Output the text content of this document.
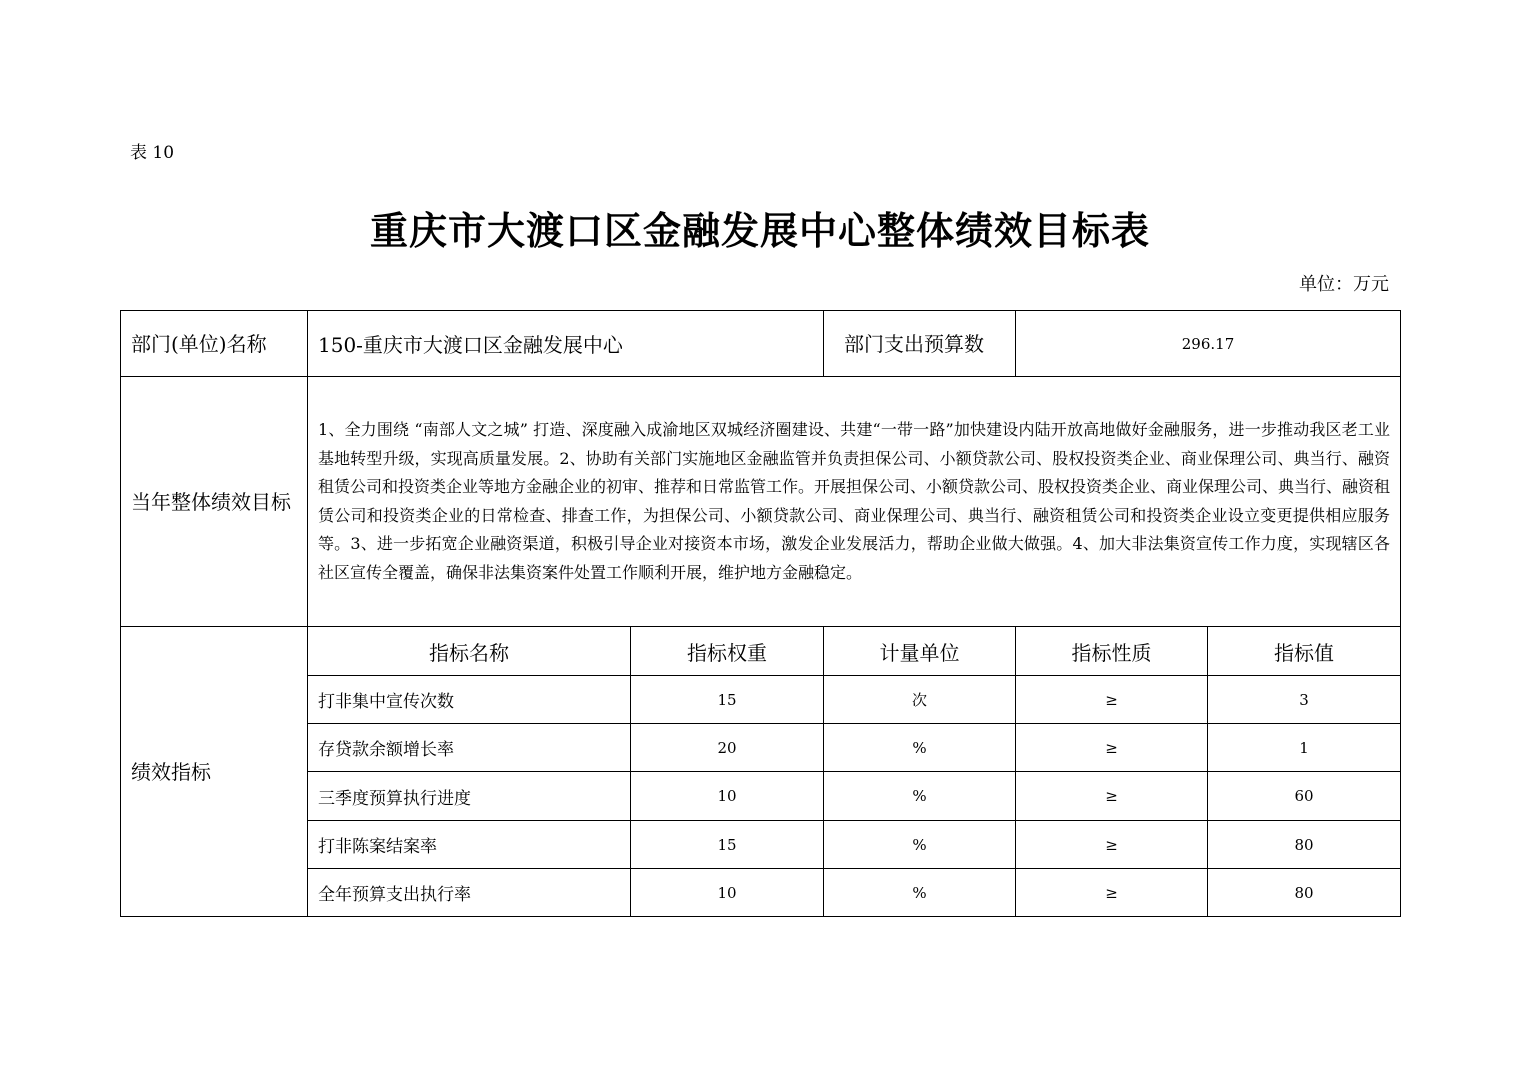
表 10
重庆市大渡口区金融发展中心整体绩效目标表
单位：万元
部门(单位)名称	150-重庆市大渡口区金融发展中心		部门支出预算数	296.17	
当年整体绩效目标	1、全力围绕 “南部人文之城” 打造、深度融入成渝地区双城经济圈建设、共建“一带一路”加快建设内陆开放高地做好金融服务，进一步推动我区老工业基地转型升级，实现高质量发展。2、协助有关部门实施地区金融监管并负责担保公司、小额贷款公司、股权投资类企业、商业保理公司、典当行、融资租赁公司和投资类企业等地方金融企业的初审、推荐和日常监管工作。开展担保公司、小额贷款公司、股权投资类企业、商业保理公司、典当行、融资租赁公司和投资类企业的日常检查、排查工作，为担保公司、小额贷款公司、商业保理公司、典当行、融资租赁公司和投资类企业设立变更提供相应服务等。3、进一步拓宽企业融资渠道，积极引导企业对接资本市场，激发企业发展活力，帮助企业做大做强。4、加大非法集资宣传工作力度，实现辖区各社区宣传全覆盖，确保非法集资案件处置工作顺利开展，维护地方金融稳定。				
绩效指标	指标名称	指标权重	计量单位	指标性质	指标值
	打非集中宣传次数	15	次	≥	3
	存贷款余额增长率	20	%	≥	1
	三季度预算执行进度	10	%	≥	60
	打非陈案结案率	15	%	≥	80
	全年预算支出执行率	10	%	≥	80
